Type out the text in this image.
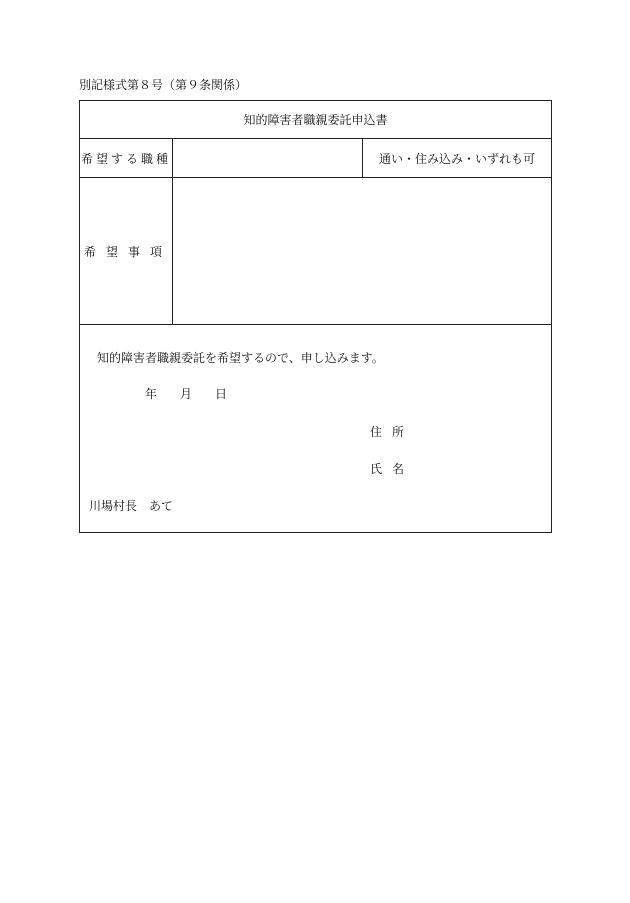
別記様式第８号（第９条関係）
知的障害者職親委託申込書
希望する職種	通い・住み込み・いずれも可
希望事項
知的障害者職親委託を希望するので、申し込みます。
年 月 日
住所
氏名
川場村長　あて
